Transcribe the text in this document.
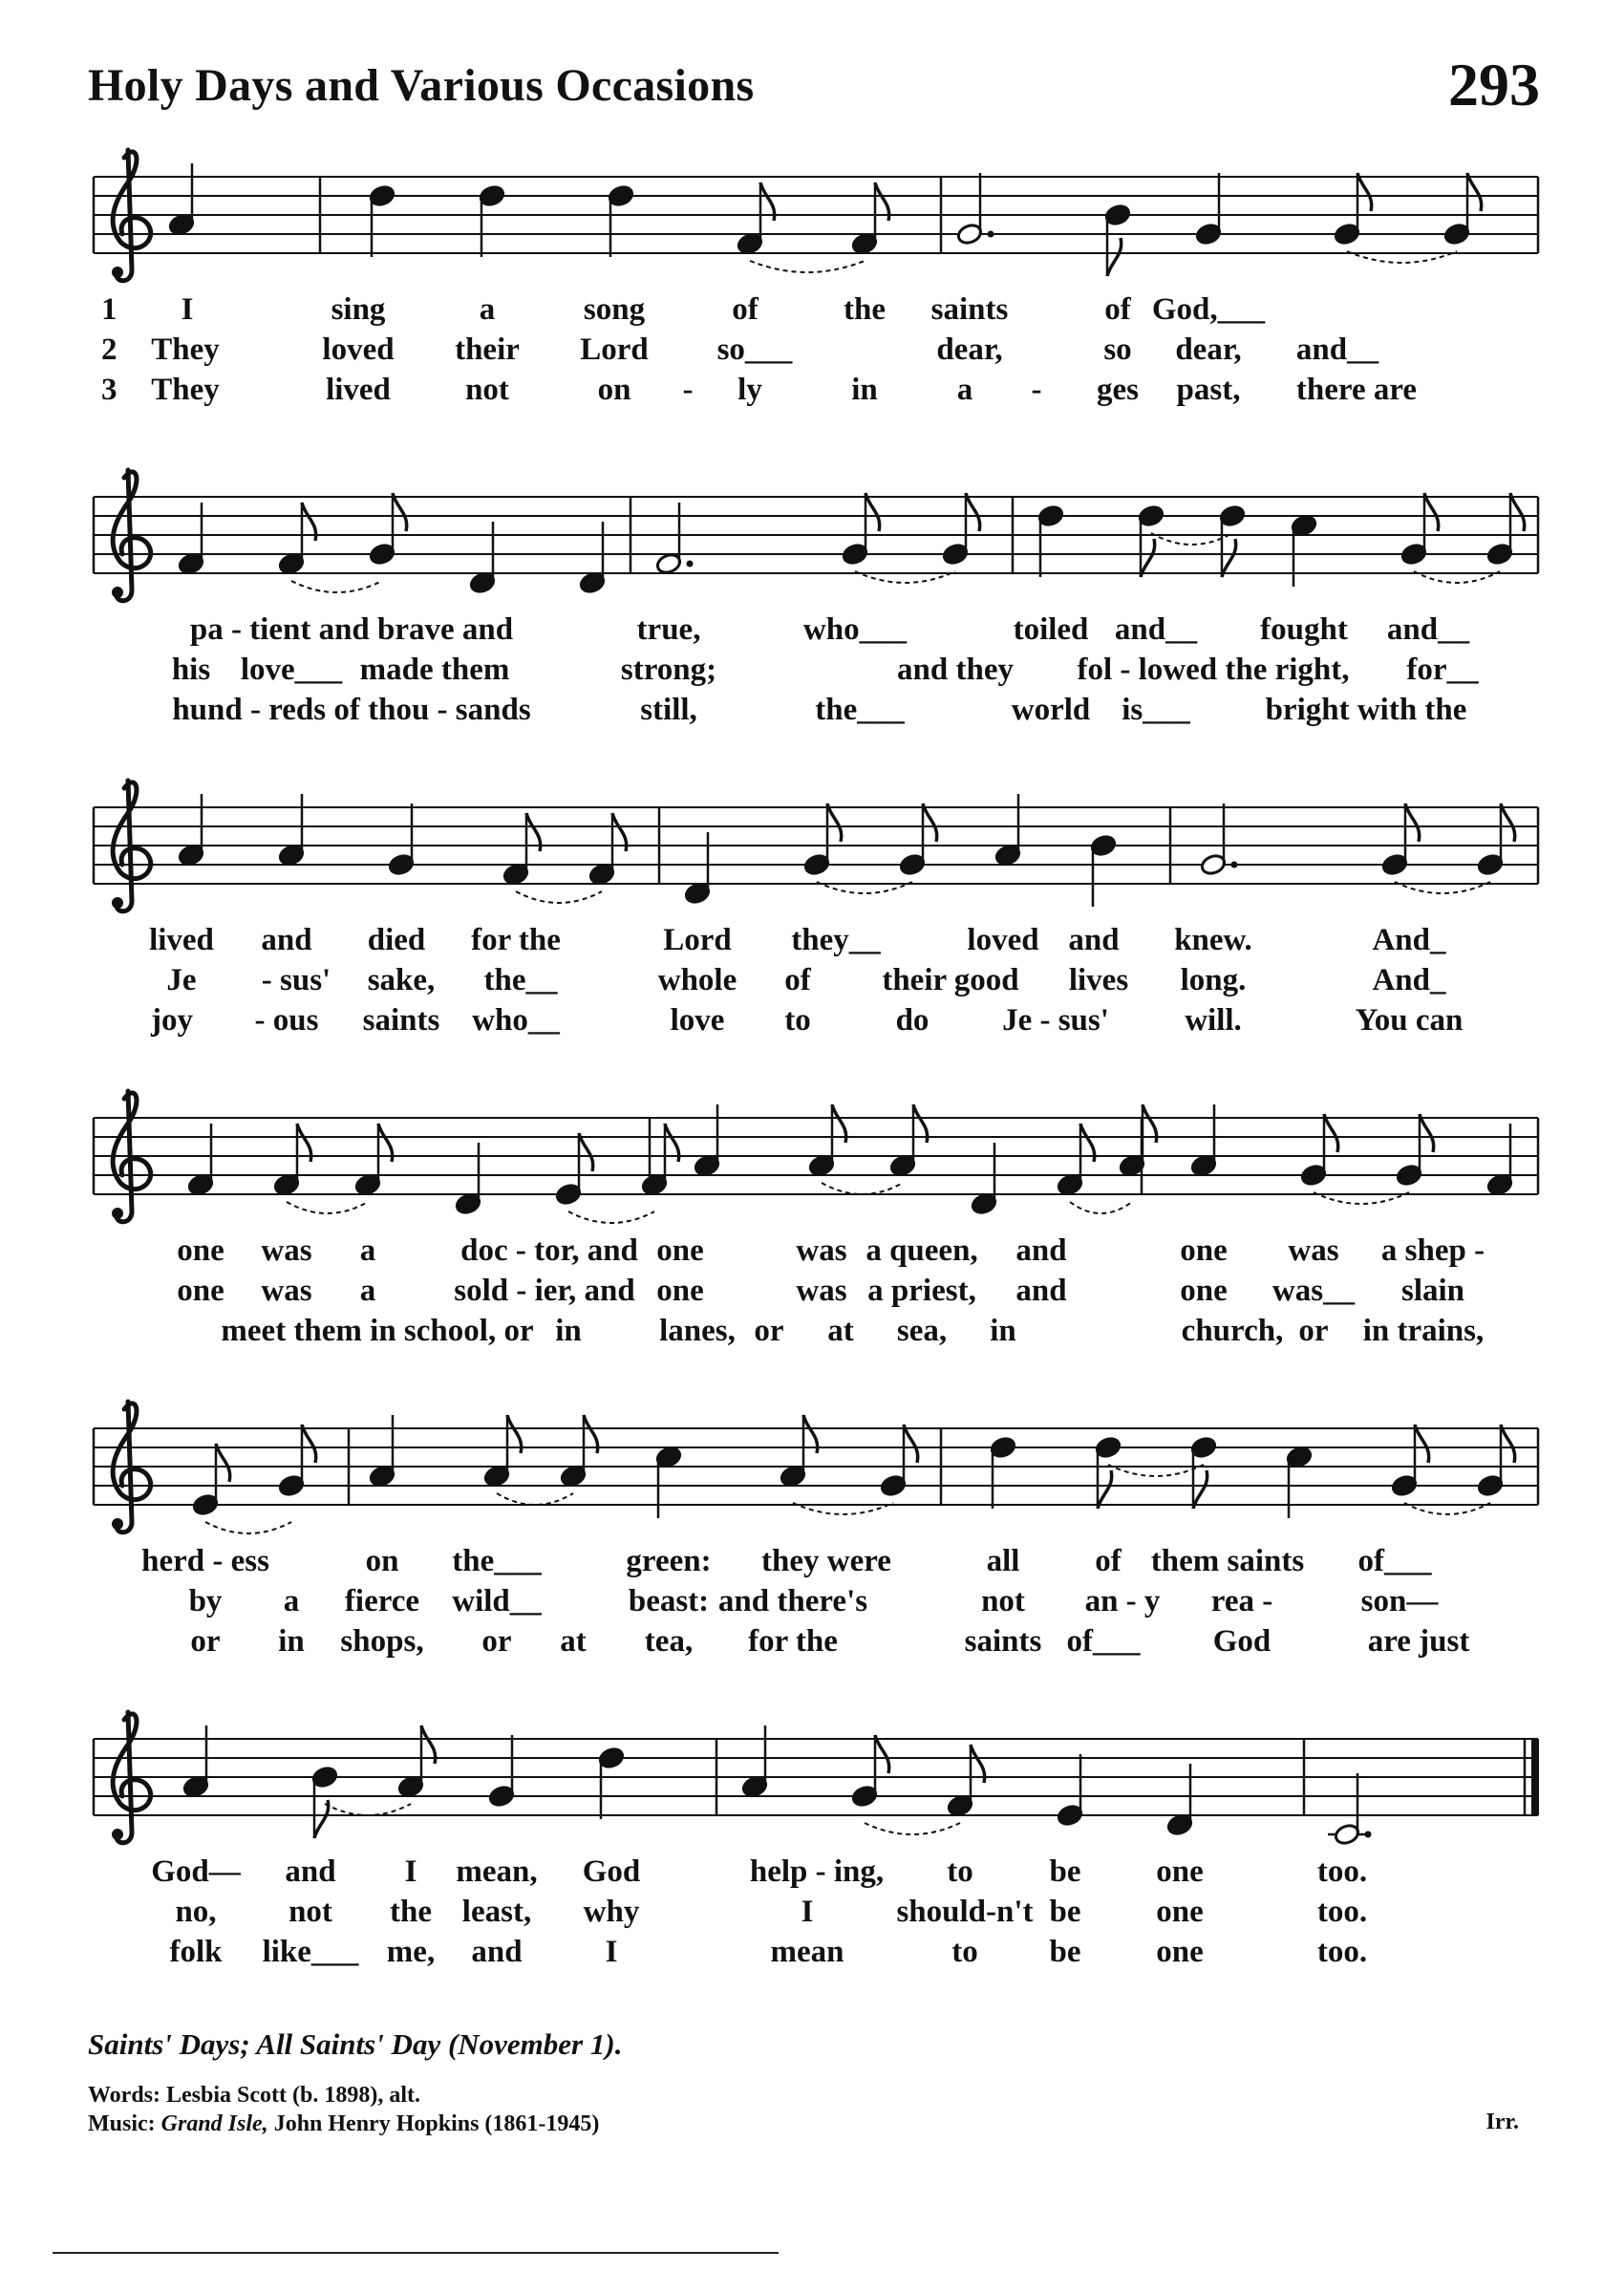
Holy Days and Various Occasions	293
1 I	sing	a	song	of	the saints	of God,___
2 They	loved their Lord so___	dear,	so dear, and__
3 They	lived not	on - ly	in	a - ges past, there are
pa - tient and brave and	true,	who___	toiled and__ fought and__
his love___ made them	strong;	and they fol - lowed the right, for__
hund - reds of thou - sands	still,	the___	world is___ bright with the
lived and died for the	Lord they__	loved and knew.	And_
Je - sus' sake, the__	whole of their good lives long.	And_
joy - ous saints who__	love to	do Je - sus' will.	You can
one was a	doc - tor, and one	was a queen, and	one was a shep -
one was a sold - ier, and one	was a priest, and	one was__ slain
meet them in school, or in lanes, or at sea, in	church, or in trains,
herd - ess	on the___	green: they were	all of them saints of___
by a fierce wild__	beast: and there's	not an - y rea -	son—
or in shops, or at tea, for the	saints of___ God	are just
God— and I mean, God	help - ing, to be one	too.
no, not the least, why	I	should-n't be one	too.
folk like___ me, and	I	mean	to be one	too.
Saints' Days; All Saints' Day (November 1).
Words: Lesbia Scott (b. 1898), alt.
Music: Grand Isle, John Henry Hopkins (1861-1945)	Irr.
